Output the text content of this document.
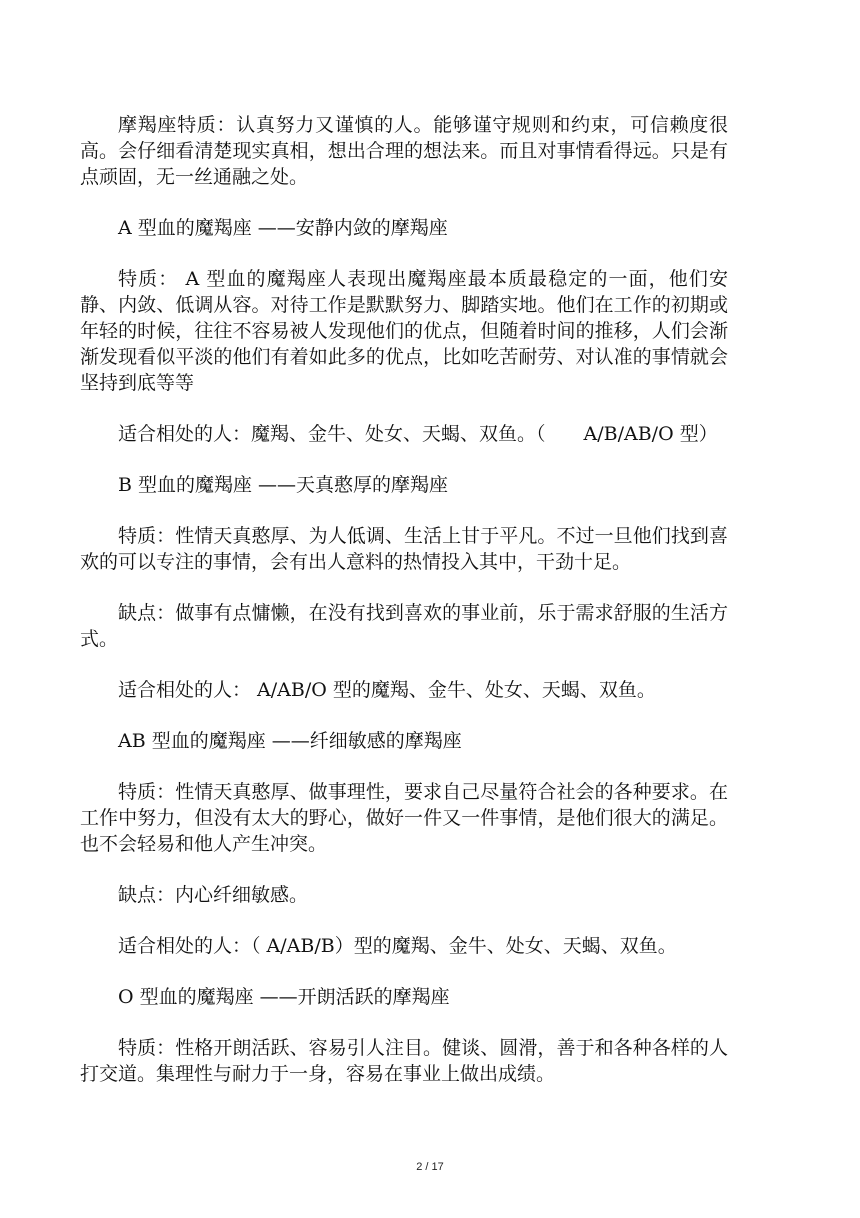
摩羯座特质：认真努力又谨慎的人。能够谨守规则和约束，可信赖度很高。会仔细看清楚现实真相，想出合理的想法来。而且对事情看得远。只是有点顽固，无一丝通融之处。

A 型血的魔羯座 ——安静内敛的摩羯座

特质： A 型血的魔羯座人表现出魔羯座最本质最稳定的一面，他们安静、内敛、低调从容。对待工作是默默努力、脚踏实地。他们在工作的初期或年轻的时候，往往不容易被人发现他们的优点，但随着时间的推移，人们会渐渐发现看似平淡的他们有着如此多的优点，比如吃苦耐劳、对认准的事情就会坚持到底等等

适合相处的人：魔羯、金牛、处女、天蝎、双鱼。（　　A/B/AB/O 型）

B 型血的魔羯座 ——天真憨厚的摩羯座

特质：性情天真憨厚、为人低调、生活上甘于平凡。不过一旦他们找到喜欢的可以专注的事情，会有出人意料的热情投入其中，干劲十足。

缺点：做事有点慵懒，在没有找到喜欢的事业前，乐于需求舒服的生活方式。

适合相处的人： A/AB/O 型的魔羯、金牛、处女、天蝎、双鱼。

AB 型血的魔羯座 ——纤细敏感的摩羯座

特质：性情天真憨厚、做事理性，要求自己尽量符合社会的各种要求。在工作中努力，但没有太大的野心，做好一件又一件事情，是他们很大的满足。也不会轻易和他人产生冲突。

缺点：内心纤细敏感。

适合相处的人：（ A/AB/B）型的魔羯、金牛、处女、天蝎、双鱼。

O 型血的魔羯座 ——开朗活跃的摩羯座

特质：性格开朗活跃、容易引人注目。健谈、圆滑，善于和各种各样的人打交道。集理性与耐力于一身，容易在事业上做出成绩。

2 / 17
